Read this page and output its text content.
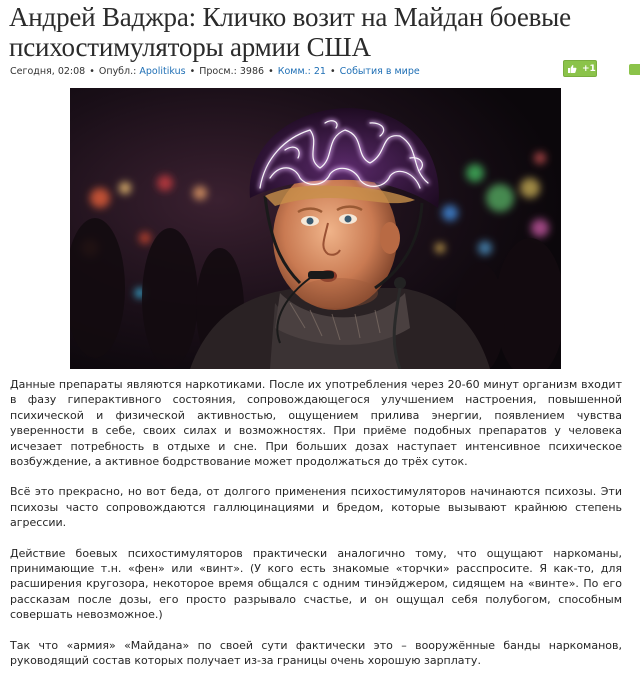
Андрей Ваджра: Кличко возит на Майдан боевые психостимуляторы армии США
Сегодня, 02:08 • Опубл.: Apolitikus • Просм.: 3986 • Комм.: 21 • События в мире	+1

Данные препараты являются наркотиками. После их употребления через 20-60 минут организм входит в фазу гиперактивного состояния, сопровождающегося улучшением настроения, повышенной психической и физической активностью, ощущением прилива энергии, появлением чувства уверенности в себе, своих силах и возможностях. При приёме подобных препаратов у человека исчезает потребность в отдыхе и сне. При больших дозах наступает интенсивное психическое возбуждение, а активное бодрствование может продолжаться до трёх суток.

Всё это прекрасно, но вот беда, от долгого применения психостимуляторов начинаются психозы. Эти психозы часто сопровождаются галлюцинациями и бредом, которые вызывают крайнюю степень агрессии.

Действие боевых психостимуляторов практически аналогично тому, что ощущают наркоманы, принимающие т.н. «фен» или «винт». (У кого есть знакомые «торчки» расспросите. Я как-то, для расширения кругозора, некоторое время общался с одним тинэйджером, сидящем на «винте». По его рассказам после дозы, его просто разрывало счастье, и он ощущал себя полубогом, способным совершать невозможное.)

Так что «армия» «Майдана» по своей сути фактически это – вооружённые банды наркоманов, руководящий состав которых получает из-за границы очень хорошую зарплату.
